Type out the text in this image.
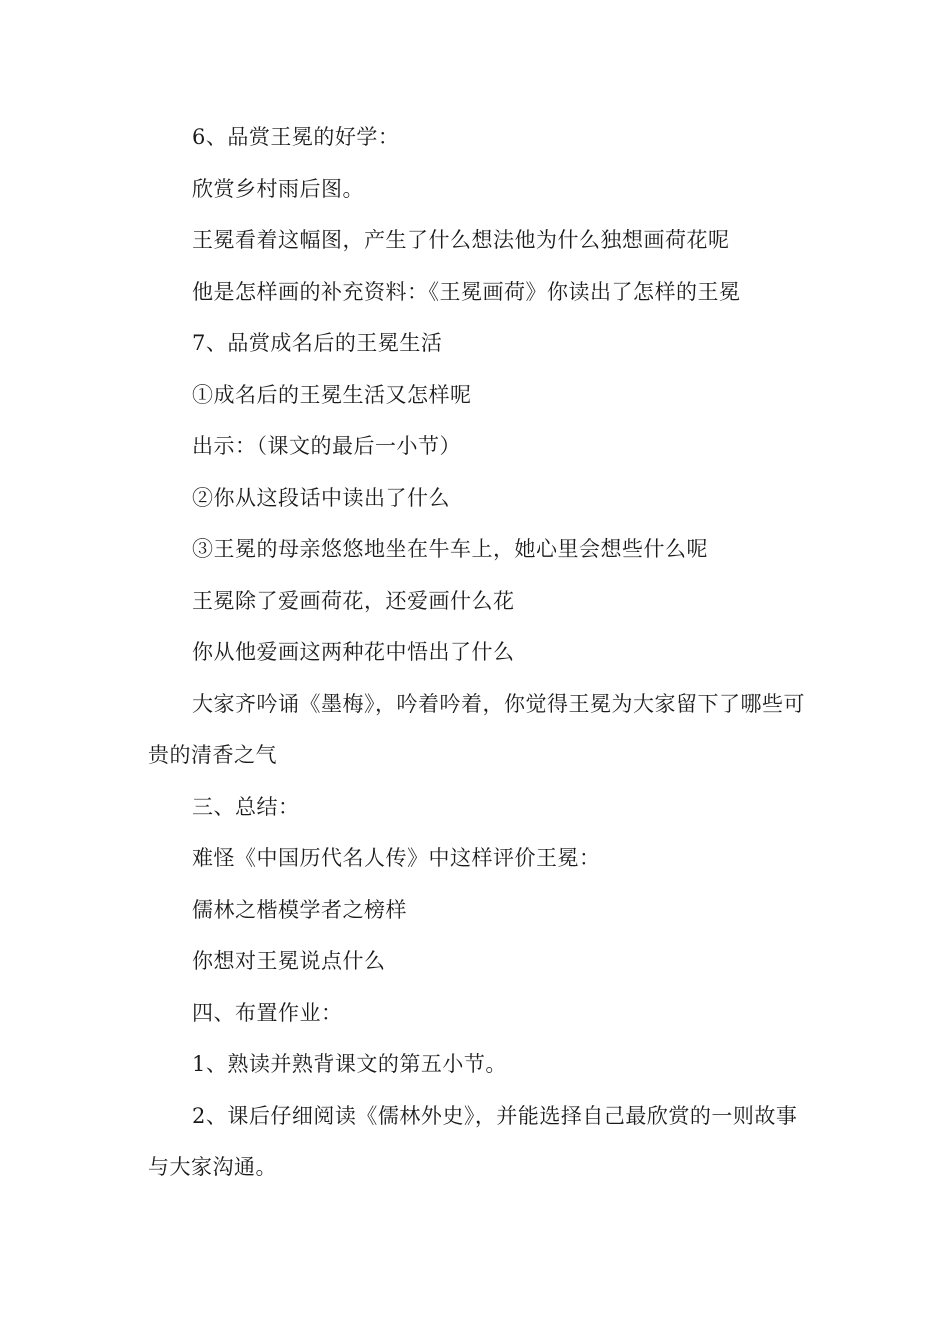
6、品赏王冕的好学：

欣赏乡村雨后图。

王冕看着这幅图，产生了什么想法他为什么独想画荷花呢

他是怎样画的补充资料：《王冕画荷》你读出了怎样的王冕

7、品赏成名后的王冕生活

①成名后的王冕生活又怎样呢

出示：（课文的最后一小节）

②你从这段话中读出了什么

③王冕的母亲悠悠地坐在牛车上，她心里会想些什么呢

王冕除了爱画荷花，还爱画什么花

你从他爱画这两种花中悟出了什么

大家齐吟诵《墨梅》，吟着吟着，你觉得王冕为大家留下了哪些可贵的清香之气

三、总结：

难怪《中国历代名人传》中这样评价王冕：

儒林之楷模学者之榜样

你想对王冕说点什么

四、布置作业：

1、熟读并熟背课文的第五小节。

2、课后仔细阅读《儒林外史》，并能选择自己最欣赏的一则故事与大家沟通。
